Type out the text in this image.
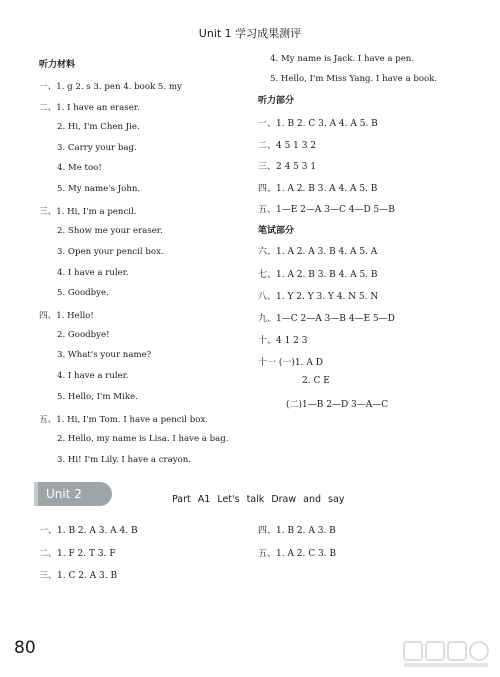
Unit 1 学习成果测评
听力材料
一、1. g 2. s 3. pen 4. book 5. my
二、1. I have an eraser.
2. Hi, I'm Chen Jie.
3. Carry your bag.
4. Me too!
5. My name's John.
三、1. Hi, I'm a pencil.
2. Show me your eraser.
3. Open your pencil box.
4. I have a ruler.
5. Goodbye.
四、1. Hello!
2. Goodbye!
3. What's your name?
4. I have a ruler.
5. Hello, I'm Mike.
五、1. Hi, I'm Tom. I have a pencil box.
2. Hello, my name is Lisa. I have a bag.
3. Hi! I'm Lily. I have a crayon.
4. My name is Jack. I have a pen.
5. Hello, I'm Miss Yang. I have a book.
听力部分
一、1. B 2. C 3. A 4. A 5. B
二、4 5 1 3 2
三、2 4 5 3 1
四、1. A 2. B 3. A 4. A 5. B
五、1—E 2—A 3—C 4—D 5—B
笔试部分
六、1. A 2. A 3. B 4. A 5. A
七、1. A 2. B 3. B 4. A 5. B
八、1. Y 2. Y 3. Y 4. N 5. N
九、1—C 2—A 3—B 4—E 5—D
十、4 1 2 3
十一 (一)1. A D
2. C E
(二)1—B 2—D 3—A—C
Unit 2	Part A1 Let's talk Draw and say
一、1. B 2. A 3. A 4. B
二、1. F 2. T 3. F
三、1. C 2. A 3. B
四、1. B 2. A 3. B
五、1. A 2. C 3. B
80
